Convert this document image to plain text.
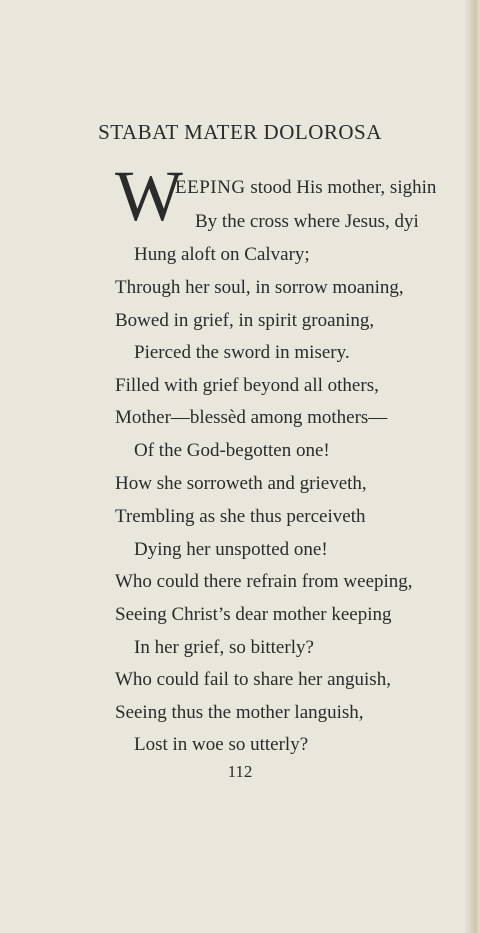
STABAT MATER DOLOROSA
W
EEPING stood His mother, sighin
By the cross where Jesus, dyi
Hung aloft on Calvary;
Through her soul, in sorrow moaning,
Bowed in grief, in spirit groaning,
Pierced the sword in misery.
Filled with grief beyond all others,
Mother—blessèd among mothers—
Of the God-begotten one!
How she sorroweth and grieveth,
Trembling as she thus perceiveth
Dying her unspotted one!
Who could there refrain from weeping,
Seeing Christ’s dear mother keeping
In her grief, so bitterly?
Who could fail to share her anguish,
Seeing thus the mother languish,
Lost in woe so utterly?
112
